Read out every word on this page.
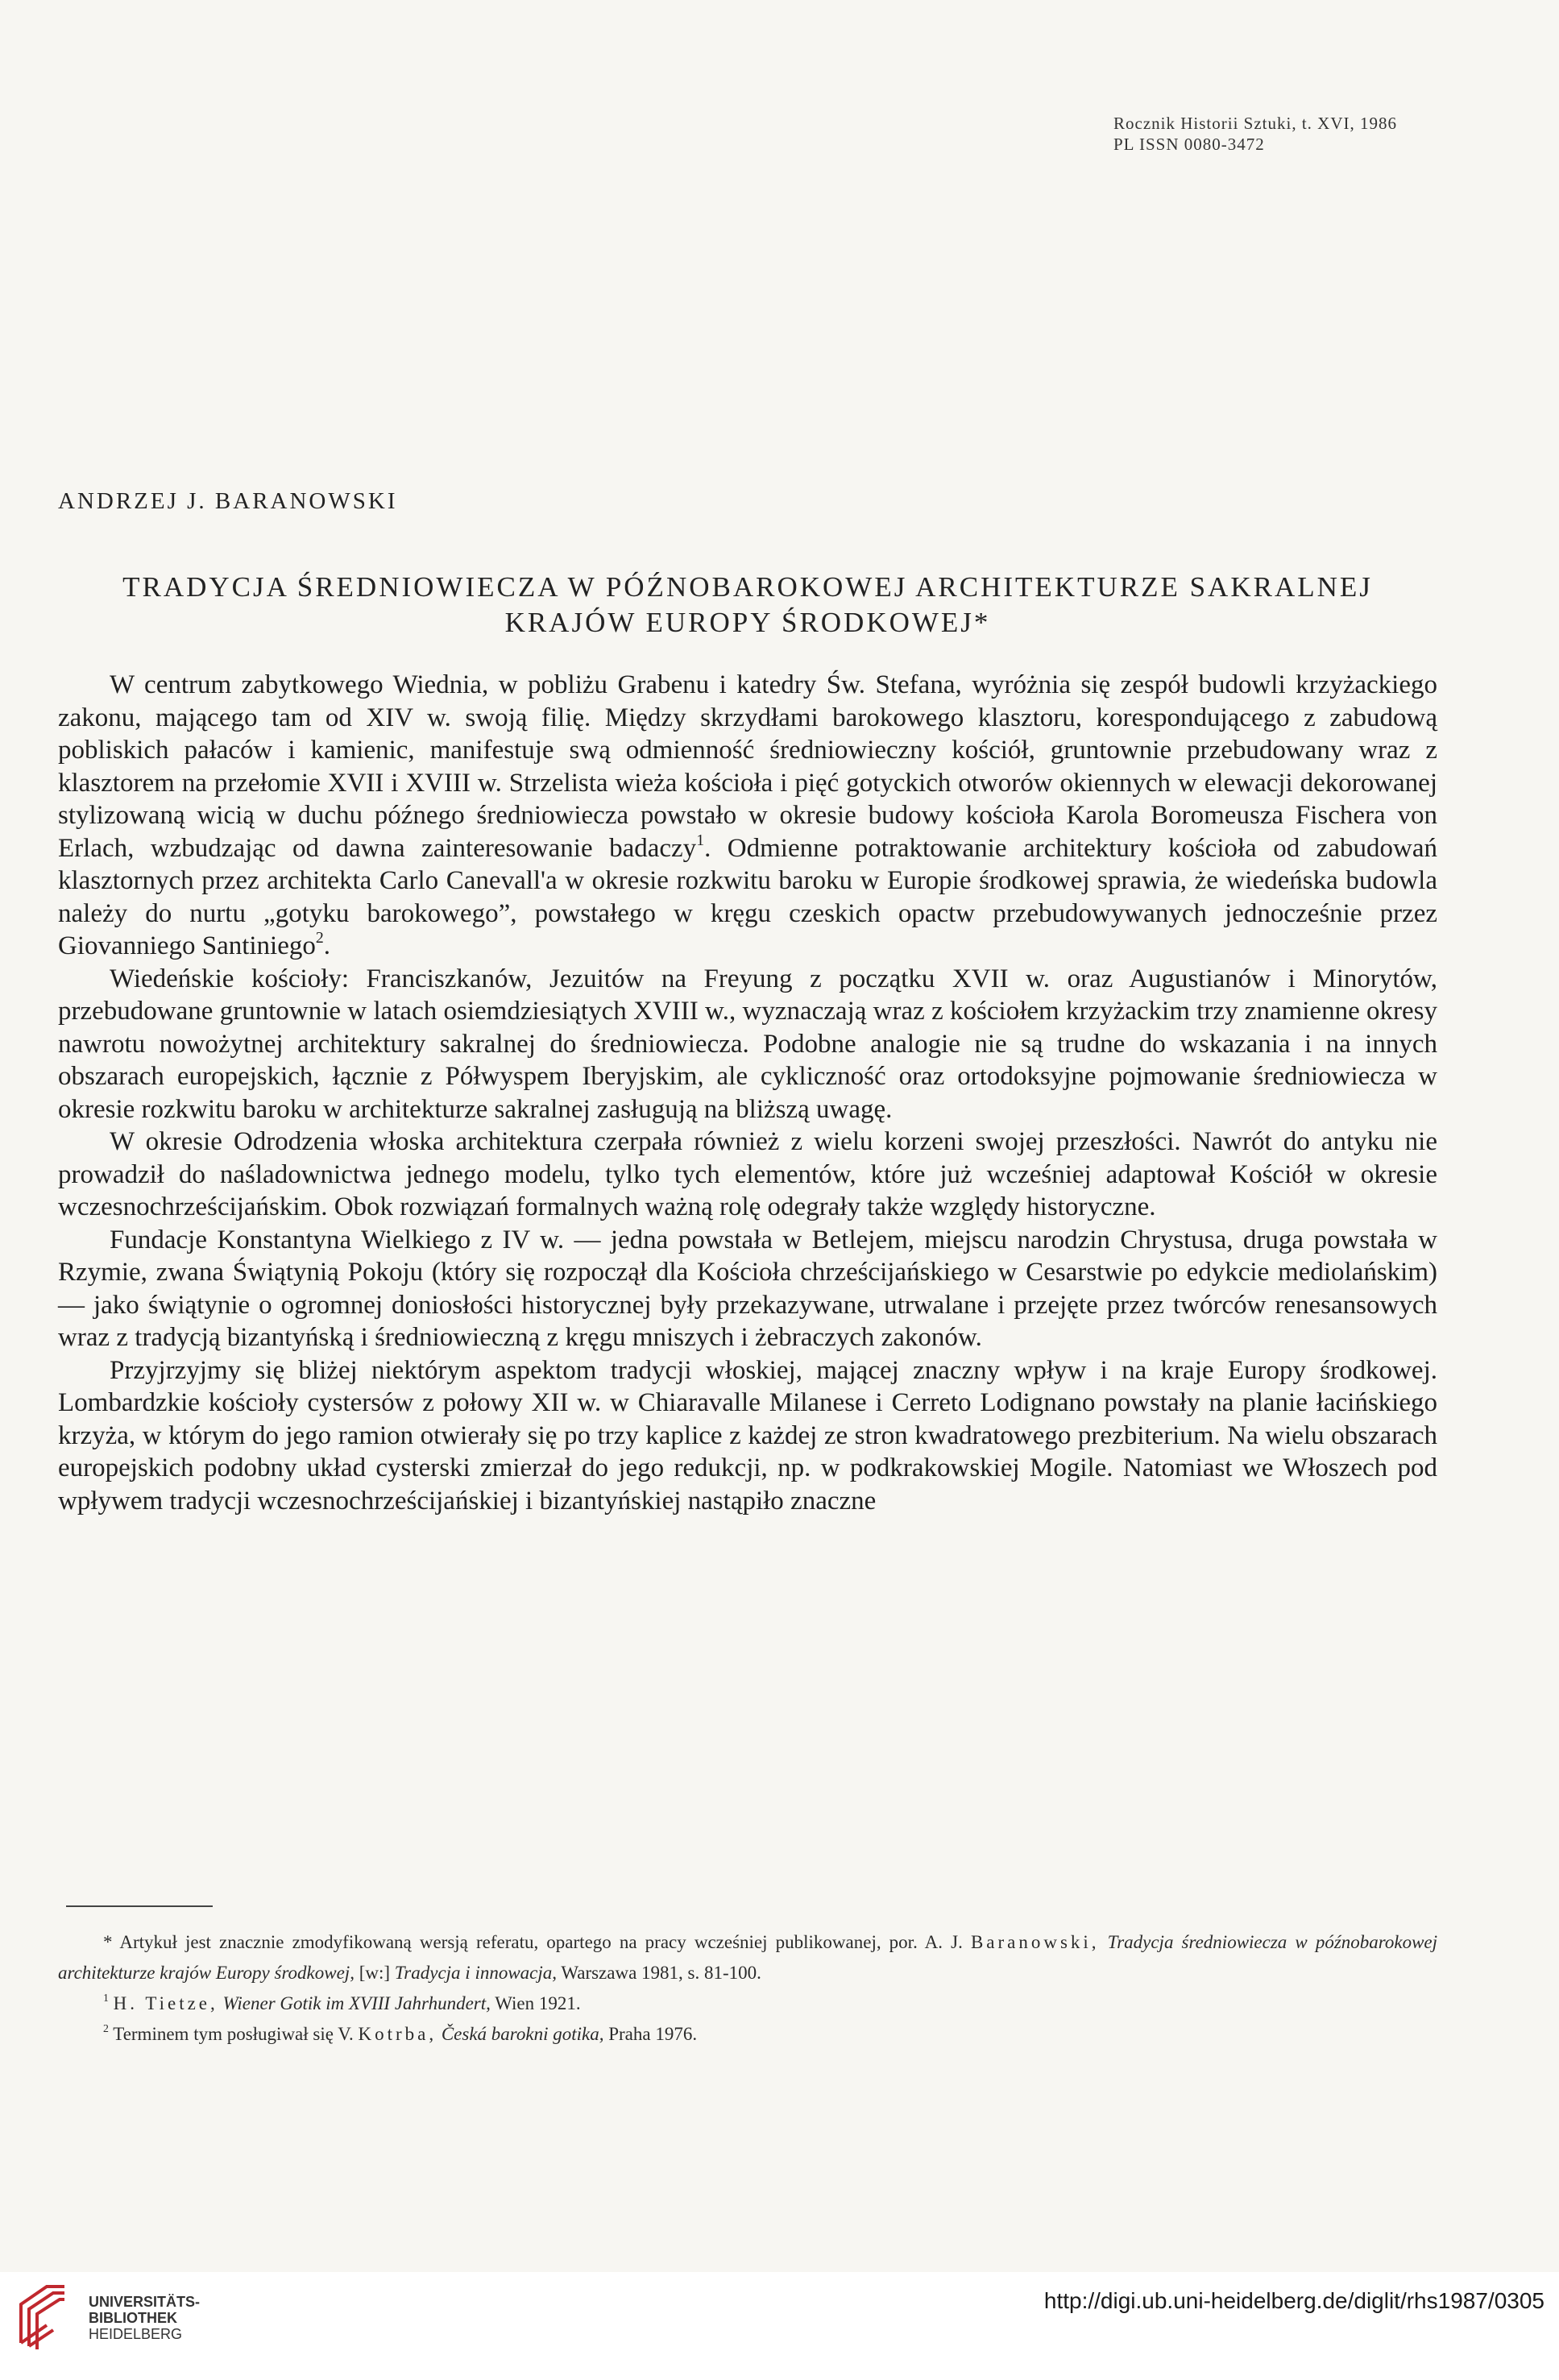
Rocznik Historii Sztuki, t. XVI, 1986
PL ISSN 0080-3472
ANDRZEJ J. BARANOWSKI
TRADYCJA ŚREDNIOWIECZA W PÓŹNOBAROKOWEJ ARCHITEKTURZE SAKRALNEJ
KRAJÓW EUROPY ŚRODKOWEJ*

W centrum zabytkowego Wiednia, w pobliżu Grabenu i katedry Św. Stefana, wyróżnia się zespół budowli krzyżackiego zakonu, mającego tam od XIV w. swoją filię. Między skrzydłami barokowego klasztoru, korespondującego z zabudową pobliskich pałaców i kamienic, manifestuje swą odmienność średniowieczny kościół, gruntownie przebudowany wraz z klasztorem na przełomie XVII i XVIII w. Strzelista wieża kościoła i pięć gotyckich otworów okiennych w elewacji dekorowanej stylizowaną wicią w duchu późnego średniowiecza powstało w okresie budowy kościoła Karola Boromeusza Fischera von Erlach, wzbudzając od dawna zainteresowanie badaczy$^1$. Odmienne potraktowanie architektury kościoła od zabudowań klasztornych przez architekta Carlo Canevall'a w okresie rozkwitu baroku w Europie środkowej sprawia, że wiedeńska budowla należy do nurtu „gotyku barokowego”, powstałego w kręgu czeskich opactw przebudowywanych jednocześnie przez Giovanniego Santiniego$^2$.

Wiedeńskie kościoły: Franciszkanów, Jezuitów na Freyung z początku XVII w. oraz Augustianów i Minorytów, przebudowane gruntownie w latach osiemdziesiątych XVIII w., wyznaczają wraz z kościołem krzyżackim trzy znamienne okresy nawrotu nowożytnej architektury sakralnej do średniowiecza. Podobne analogie nie są trudne do wskazania i na innych obszarach europejskich, łącznie z Półwyspem Iberyjskim, ale cykliczność oraz ortodoksyjne pojmowanie średniowiecza w okresie rozkwitu baroku w architekturze sakralnej zasługują na bliższą uwagę.

W okresie Odrodzenia włoska architektura czerpała również z wielu korzeni swojej przeszłości. Nawrót do antyku nie prowadził do naśladownictwa jednego modelu, tylko tych elementów, które już wcześniej adaptował Kościół w okresie wczesnochrześcijańskim. Obok rozwiązań formalnych ważną rolę odegrały także względy historyczne.

Fundacje Konstantyna Wielkiego z IV w. — jedna powstała w Betlejem, miejscu narodzin Chrystusa, druga powstała w Rzymie, zwana Świątynią Pokoju (który się rozpoczął dla Kościoła chrześcijańskiego w Cesarstwie po edykcie mediolańskim) — jako świątynie o ogromnej doniosłości historycznej były przekazywane, utrwalane i przejęte przez twórców renesansowych wraz z tradycją bizantyńską i średniowieczną z kręgu mniszych i żebraczych zakonów.

Przyjrzyjmy się bliżej niektórym aspektom tradycji włoskiej, mającej znaczny wpływ i na kraje Europy środkowej. Lombardzkie kościoły cystersów z połowy XII w. w Chiaravalle Milanese i Cerreto Lodignano powstały na planie łacińskiego krzyża, w którym do jego ramion otwierały się po trzy kaplice z każdej ze stron kwadratowego prezbiterium. Na wielu obszarach europejskich podobny układ cysterski zmierzał do jego redukcji, np. w podkrakowskiej Mogile. Natomiast we Włoszech pod wpływem tradycji wczesnochrześcijańskiej i bizantyńskiej nastąpiło znaczne

* Artykuł jest znacznie zmodyfikowaną wersją referatu, opartego na pracy wcześniej publikowanej, por. A. J. Baranowski, Tradycja średniowiecza w późnobarokowej architekturze krajów Europy środkowej, [w:] Tradycja i innowacja, Warszawa 1981, s. 81-100.

$^1$ H. Tietze, Wiener Gotik im XVIII Jahrhundert, Wien 1921.

$^2$ Terminem tym posługiwał się V. Kotrba, Česká barokni gotika, Praha 1976.

UNIVERSITÄTS-
BIBLIOTHEK
HEIDELBERG
http://digi.ub.uni-heidelberg.de/diglit/rhs1987/0305
